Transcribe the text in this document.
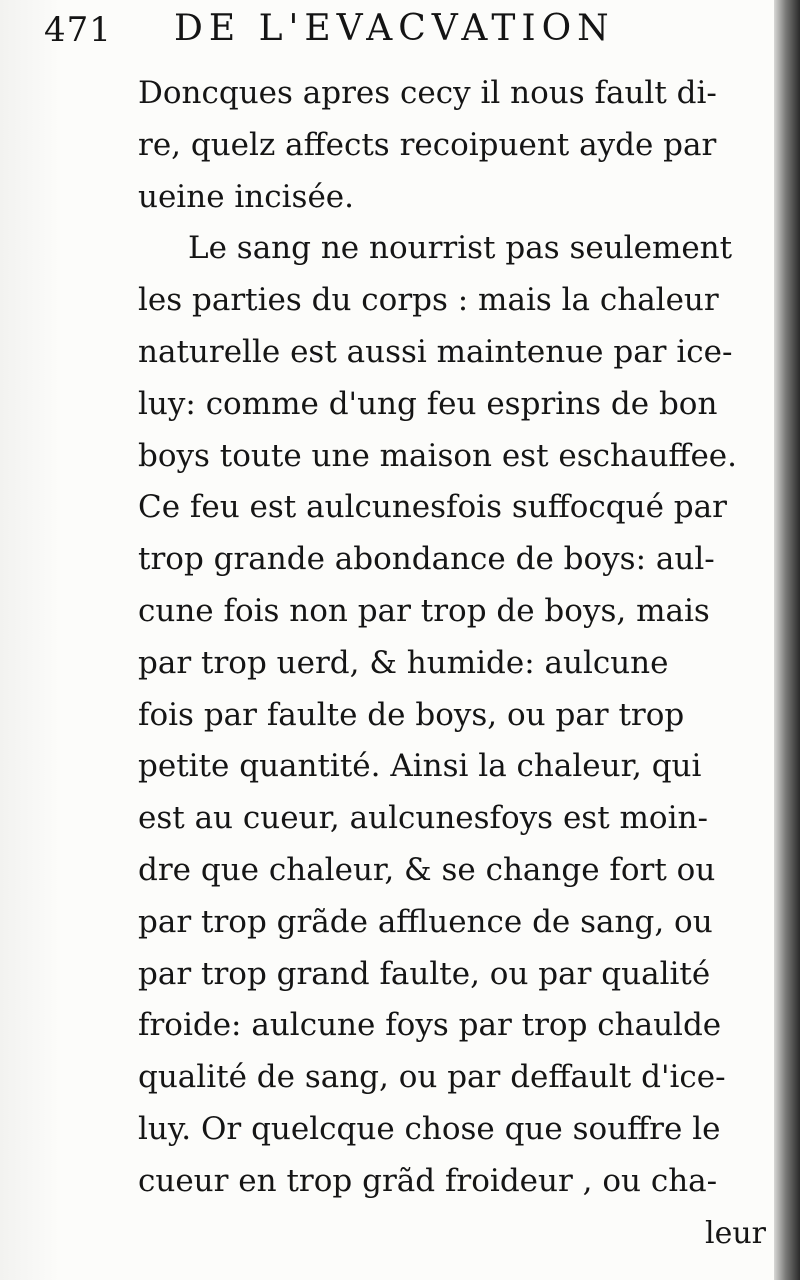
471 DE L'EVACVATION
Doncques apres cecy il nous fault di-
re, quelz affects recoipuent ayde par
ueine incisée.
Le sang ne nourrist pas seulement
les parties du corps : mais la chaleur
naturelle est aussi maintenue par ice-
luy: comme d'ung feu esprins de bon
boys toute une maison est eschauffee.
Ce feu est aulcunesfois suffocqué par
trop grande abondance de boys: aul-
cune fois non par trop de boys, mais
par trop uerd, & humide: aulcune
fois par faulte de boys, ou par trop
petite quantité. Ainsi la chaleur, qui
est au cueur, aulcunesfoys est moin-
dre que chaleur, & se change fort ou
par trop grãde affluence de sang, ou
par trop grand faulte, ou par qualité
froide: aulcune foys par trop chaulde
qualité de sang, ou par deffault d'ice-
luy. Or quelcque chose que souffre le
cueur en trop grãd froideur , ou cha-
leur
